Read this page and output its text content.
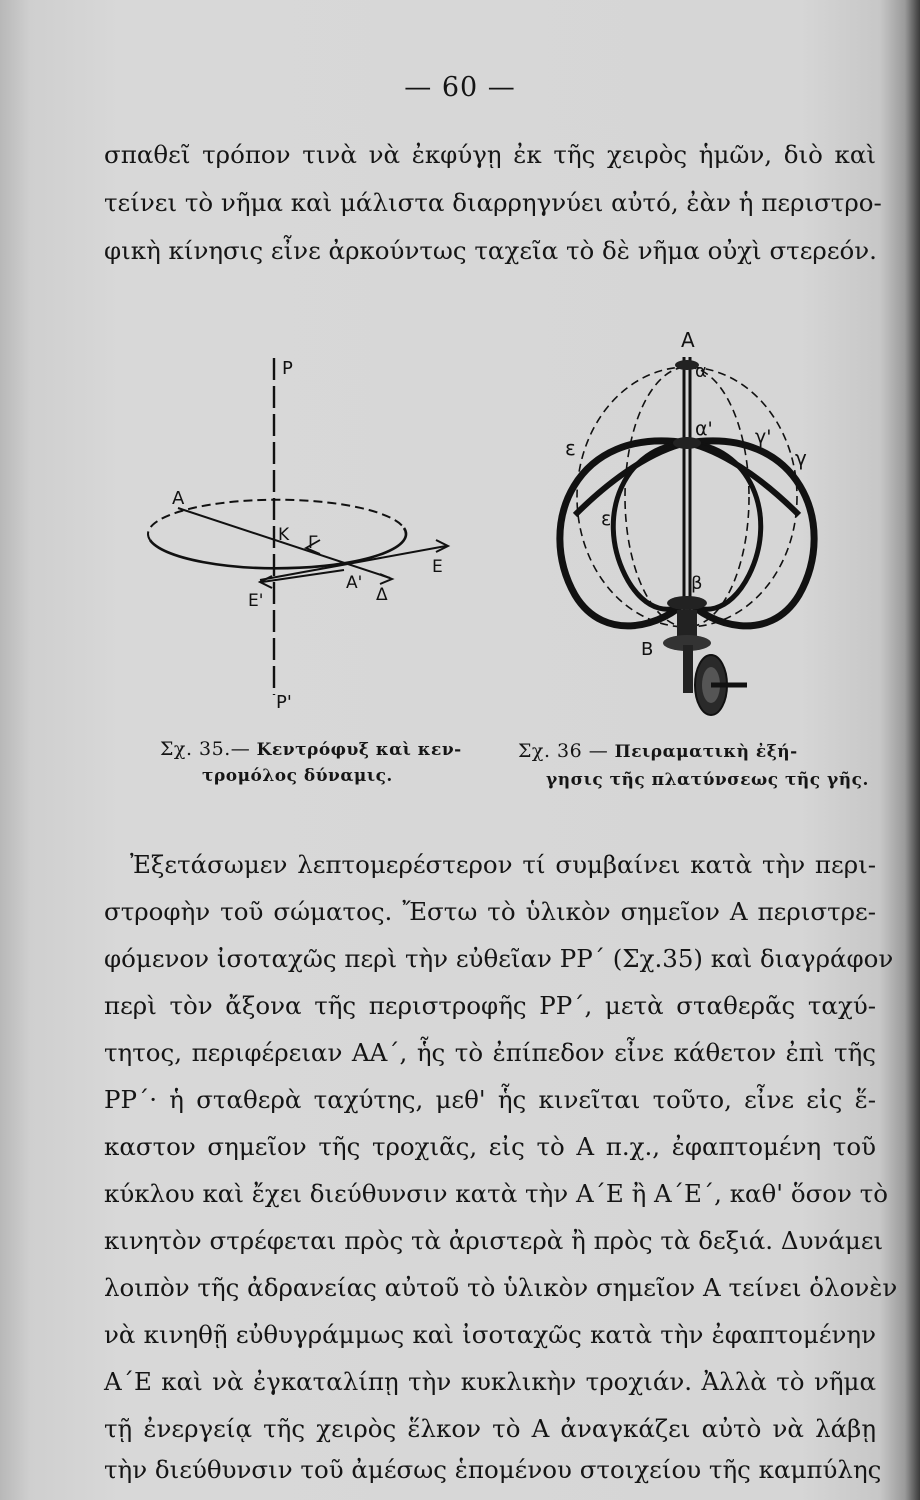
— 60 —
σπαθεῖ τρόπον τινὰ νὰ ἐκφύγῃ ἐκ τῆς χειρὸς ἡμῶν, διὸ καὶ
τείνει τὸ νῆμα καὶ μάλιστα διαρρηγνύει αὐτό, ἐὰν ἡ περιστρο-
φικὴ κίνησις εἶνε ἀρκούντως ταχεῖα τὸ δὲ νῆμα οὐχὶ στερεόν.
P
P'
A
K Γ
A'
Δ
E
E'
Σχ. 35.— Κεντρόφυξ καὶ κεν-
τρομόλος δύναμις.
A
α
α' γ'
γ
ε
ε'
β
B
Σχ. 36 — Πειραματικὴ ἐξή-
γησις τῆς πλατύνσεως τῆς γῆς.
Ἐξετάσωμεν λεπτομερέστερον τί συμβαίνει κατὰ τὴν περι-
στροφὴν τοῦ σώματος. Ἔστω τὸ ὑλικὸν σημεῖον Α περιστρε-
φόμενον ἰσοταχῶς περὶ τὴν εὐθεῖαν ΡΡ΄ (Σχ.35) καὶ διαγράφον
περὶ τὸν ἄξονα τῆς περιστροφῆς ΡΡ΄, μετὰ σταθερᾶς ταχύ-
τητος, περιφέρειαν ΑΑ΄, ἧς τὸ ἐπίπεδον εἶνε κάθετον ἐπὶ τῆς
ΡΡ΄· ἡ σταθερὰ ταχύτης, μεθ' ἧς κινεῖται τοῦτο, εἶνε εἰς ἕ-
καστον σημεῖον τῆς τροχιᾶς, εἰς τὸ Α π.χ., ἐφαπτομένη τοῦ
κύκλου καὶ ἔχει διεύθυνσιν κατὰ τὴν Α΄Ε ἢ Α΄Ε΄, καθ' ὅσον τὸ
κινητὸν στρέφεται πρὸς τὰ ἀριστερὰ ἢ πρὸς τὰ δεξιά. Δυνάμει
λοιπὸν τῆς ἀδρανείας αὐτοῦ τὸ ὑλικὸν σημεῖον Α τείνει ὁλονὲν
νὰ κινηθῇ εὐθυγράμμως καὶ ἰσοταχῶς κατὰ τὴν ἐφαπτομένην
Α΄Ε καὶ νὰ ἐγκαταλίπῃ τὴν κυκλικὴν τροχιάν. Ἀλλὰ τὸ νῆμα
τῇ ἐνεργείᾳ τῆς χειρὸς ἕλκον τὸ Α ἀναγκάζει αὐτὸ νὰ λάβῃ
τὴν διεύθυνσιν τοῦ ἀμέσως ἑπομένου στοιχείου τῆς καμπύλης
